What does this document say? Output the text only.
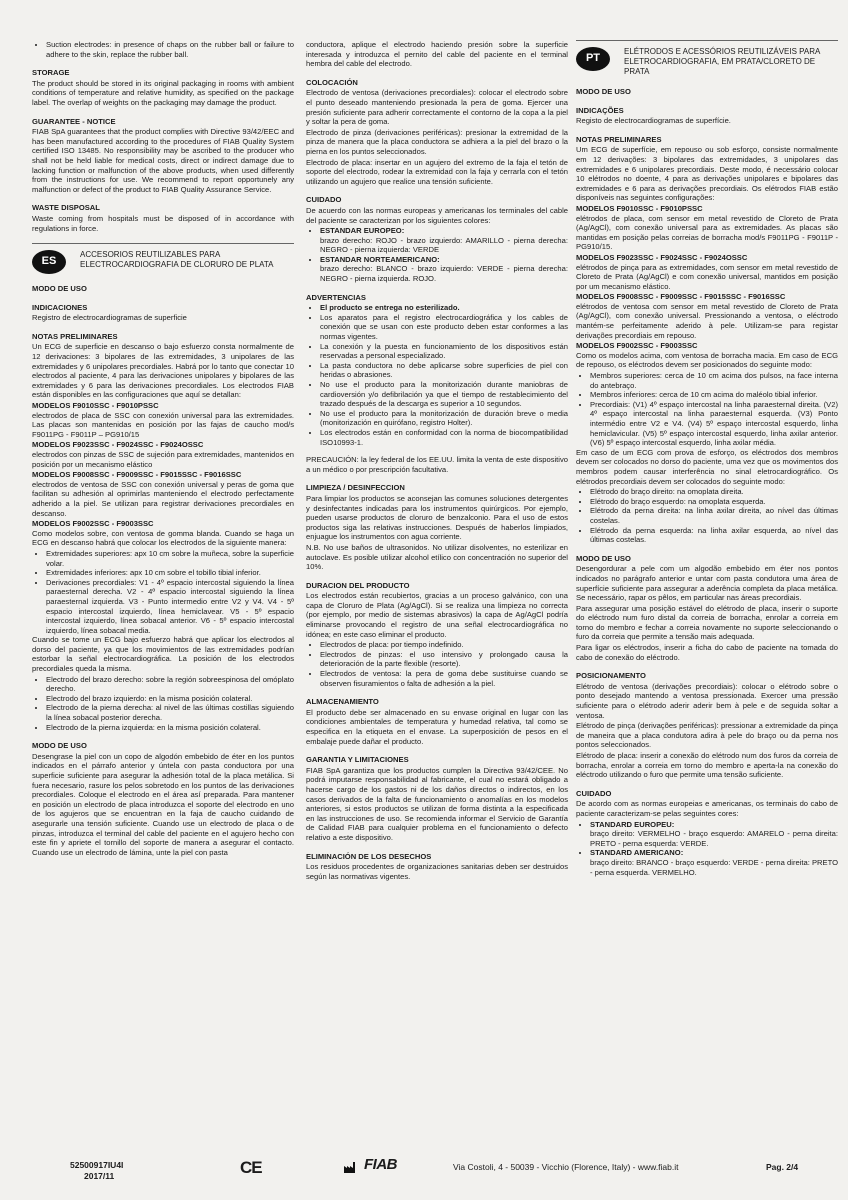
• Suction electrodes: in presence of chaps on the rubber ball or failure to adhere to the skin, replace the rubber ball.
STORAGE

The product should be stored in its original packaging in rooms with ambient conditions of temperature and relative humidity, as specified on the package label. The overlap of weights on the packaging may damage the product.

GUARANTEE - NOTICE

FIAB SpA guarantees that the product complies with Directive 93/42/EEC and has been manufactured according to the procedures of FIAB Quality System certified ISO 13485. No responsibility may be ascribed to the producer who shall not be held liable for medical costs, direct or indirect damage due to lacking function or malfunction of the above products, when used differently from the instructions for use. We recommend to report opportunely any malfunction or defect of the product to FIAB Quality Assurance Service.

WASTE DISPOSAL

Waste coming from hospitals must be disposed of in accordance with regulations in force.

ES
ACCESORIOS REUTILIZABLES PARA ELECTROCARDIOGRAFIA DE CLORURO DE PLATA
MODO DE USO
INDICACIONES

Registro de electrocardiogramas de superficie

NOTAS PRELIMINARES

Un ECG de superficie en descanso o bajo esfuerzo consta normalmente de 12 derivaciones: 3 bipolares de las extremidades, 3 unipolares de las extremidades y 6 unipolares precordiales. Habrá por lo tanto que conectar 10 electrodos al paciente, 4 para las derivaciones unipolares y bipolares de las extremidades y 6 para las derivaciones precordiales. Los electrodos FIAB están disponibles en las configuraciones que aquí se detallan:

MODELOS F9010SSC - F9010PSSC

electrodos de placa de SSC con conexión universal para las extremidades. Las placas son mantenidas en posición por las fajas de caucho mod/s F9011PG - F9011P – PG910/15

MODELOS F9023SSC - F9024SSC - F9024OSSC

electrodos con pinzas de SSC de sujeción para extremidades, mantenidos en posición por un mecanismo elástico

MODELOS F9008SSC - F9009SSC - F9015SSC - F9016SSC

electrodos de ventosa de SSC con conexión universal y peras de goma que facilitan su adhesión al oprimirlas manteniendo el electrodo perfectamente adherido a la piel. Se utilizan para registrar derivaciones precordiales en descanso.

MODELOS F9002SSC - F9003SSC

Como modelos sobre, con ventosa de gomma blanda. Cuando se haga un ECG en descanso habrá que colocar los electrodos de la siguiente manera:

• Extremidades superiores: apx 10 cm sobre la muñeca, sobre la superficie volar.
• Extremidades inferiores: apx 10 cm sobre el tobillo tibial inferior.
• Derivaciones precordiales: V1 - 4º espacio intercostal siguiendo la línea paraesternal derecha. V2 - 4º espacio intercostal siguiendo la línea paraesternal izquierda. V3 - Punto intermedio entre V2 y V4. V4 - 5º espacio intercostal izquierdo, línea hemiclavear. V5 - 5º espacio intercostal izquierdo, línea sobacal anterior. V6 - 5º espacio intercostal izquierdo, línea sobacal media.

Cuando se tome un ECG bajo esfuerzo habrá que aplicar los electrodos al dorso del paciente, ya que los movimientos de las extremidades podrían estorbar la señal electrocardiográfica. La posición de los electrodos precordiales queda la misma.

• Electrodo del brazo derecho: sobre la región sobreespinosa del omóplato derecho.
• Electrodo del brazo izquierdo: en la misma posición colateral.
• Electrodo de la pierna derecha: al nivel de las últimas costillas siguiendo la línea sobacal posterior derecha.
• Electrodo de la pierna izquierda: en la misma posición colateral.
MODO DE USO

Desengrase la piel con un copo de algodón embebido de éter en los puntos indicados en el párrafo anterior y úntela con pasta conductora por una superficie suficiente para asegurar la adhesión total de la placa metálica. Si fuera necesario, rasure los pelos sobretodo en los puntos de las derivaciones precordiales. Coloque el electrodo en el área así preparada. Para mantener en posición un electrodo de placa introduzca el soporte del electrodo en uno de los agujeros que se encuentran en la faja de caucho cuidando de asegurarle una tensión suficiente. Cuando use un electrodo de placa o de pinzas, introduzca el terminal del cable del paciente en el agujero hecho con este fin y apriete el tornillo del soporte de manera a asegurar el contacto. Cuando use un electrodo de lámina, unte la piel con pasta

conductora, aplique el electrodo haciendo presión sobre la superficie interesada y introduzca el pernito del cable del paciente en el terminal hembra del cable del electrodo.

COLOCACIÓN

Electrodo de ventosa (derivaciones precordiales): colocar el electrodo sobre el punto deseado manteniendo presionada la pera de goma. Ejercer una presión suficiente para adherir correctamente el contorno de la copa a la piel y soltar la pera de goma.

Electrodo de pinza (derivaciones periféricas): presionar la extremidad de la pinza de manera que la placa conductora se adhiera a la piel del brazo o la pierna en los puntos seleccionados.

Electrodo de placa: insertar en un agujero del extremo de la faja el tetón de soporte del electrodo, rodear la extremidad con la faja y cerrarla con el tetón utilizando un agujero que realice una tensión suficiente.

CUIDADO

De acuerdo con las normas europeas y americanas los terminales del cable del paciente se caracterizan por los siguientes colores:

• ESTANDAR EUROPEO:
brazo derecho: ROJO - brazo izquierdo: AMARILLO - pierna derecha: NEGRO - pierna izquierda: VERDE
• ESTANDAR NORTEAMERICANO:
brazo derecho: BLANCO - brazo izquierdo: VERDE - pierna derecha: NEGRO - pierna izquierda. ROJO.
ADVERTENCIAS
• El producto se entrega no esterilizado.
• Los aparatos para el registro electrocardiográfica y los cables de conexión que se usan con este producto deben estar conformes a las normas vigentes.
• La conexión y la puesta en funcionamiento de los dispositivos están reservadas a personal especializado.
• La pasta conductora no debe aplicarse sobre superficies de piel con heridas o abrasiones.
• No use el producto para la monitorización durante maniobras de cardioversión y/o defibrilación ya que el tiempo de restablecimiento del trazado después de la descarga es superior a 10 segundos.
• No use el producto para la monitorización de duración breve o media (monitorización en quirófano, registro Holter).
• Los electrodos están en conformidad con la norma de biocompatibilidad ISO10993-1.

PRECAUCIÓN: la ley federal de los EE.UU. limita la venta de este dispositivo a un médico o por prescripción facultativa.

LIMPIEZA / DESINFECCION

Para limpiar los productos se aconsejan las comunes soluciones detergentes y desinfectantes indicadas para los instrumentos quirúrgicos. Por ejemplo, pueden usarse productos de cloruro de benzalconio. Para el uso de estos productos siga las relativas instrucciones. Después de haberlos limpiados, enjuague los instrumentos con agua corriente.

N.B. No use baños de ultrasonidos. No utilizar disolventes, no esterilizar en autoclave. Es posible utilizar alcohol etílico con concentración no superior del 10%.

DURACION DEL PRODUCTO

Los electrodos están recubiertos, gracias a un proceso galvánico, con una capa de Cloruro de Plata (Ag/AgCl). Si se realiza una limpieza no correcta (por ejemplo, por medio de sistemas abrasivos) la capa de Ag/AgCl podría eliminarse provocando el registro de una señal electrocardiográfica no idónea; en este caso eliminar el producto.

• Electrodos de placa: por tiempo indefinido.
• Electrodos de pinzas: el uso intensivo y prolongado causa la deterioración de la parte flexible (resorte).
• Electrodos de ventosa: la pera de goma debe sustituirse cuando se observen fisuramientos o falta de adhesión a la piel.
ALMACENAMIENTO

El producto debe ser almacenado en su envase original en lugar con las condiciones ambientales de temperatura y humedad relativa, tal como se especifica en la etiqueta en el envase. La superposición de pesos en el embalaje puede dañar el producto.

GARANTIA Y LIMITACIONES

FIAB SpA garantiza que los productos cumplen la Directiva 93/42/CEE. No podrá imputarse responsabilidad al fabricante, el cual no estará obligado a hacerse cargo de los gastos ni de los daños directos o indirectos, en los casos derivados de la falta de funcionamiento o anomalías en los modelos anteriores, si estos productos se utilizan de forma distinta a la especificada en las instrucciones de uso. Se recomienda informar el Servicio de Garantía de Calidad FIAB para cualquier problema en el funcionamiento o defecto relativo a este dispositivo.

ELIMINACIÓN DE LOS DESECHOS

Los residuos procedentes de organizaciones sanitarias deben ser destruidos según las normativas vigentes.

PT
ELÉTRODOS E ACESSÓRIOS REUTILIZÁVEIS PARA ELETROCARDIOGRAFIA, EM PRATA/CLORETO DE PRATA
MODO DE USO
INDICAÇÕES

Registo de electrocardiogramas de superfície.

NOTAS PRELIMINARES

Um ECG de superfície, em repouso ou sob esforço, consiste normalmente em 12 derivações: 3 bipolares das extremidades, 3 unipolares das extremidades e 6 unipolares precordiais. Deste modo, é necessário colocar 10 elétrodos no doente, 4 para as derivações unipolares e bipolares das extremidades e 6 para as derivações precordiais. Os elétrodos FIAB estão disponíveis nas seguintes configurações:

MODELOS F9010SSC - F9010PSSC

elétrodos de placa, com sensor em metal revestido de Cloreto de Prata (Ag/AgCl), com conexão universal para as extremidades. As placas são mantidas em posição pelas correias de borracha mod/s F9011PG - F9011P - PG910/15.

MODELOS F9023SSC - F9024SSC - F9024OSSC

elétrodos de pinça para as extremidades, com sensor em metal revestido de Cloreto de Prata (Ag/AgCl) e com conexão universal, mantidos em posição por um mecanismo elástico.

MODELOS F9008SSC - F9009SSC - F9015SSC - F9016SSC

elétrodos de ventosa com sensor em metal revestido de Cloreto de Prata (Ag/AgCl), com conexão universal. Pressionando a ventosa, o eléctrodo mantém-se perfeitamente aderido à pele. Utilizam-se para registar derivações precordiais em repouso.

MODELOS F9002SSC - F9003SSC

Como os modelos acima, com ventosa de borracha macia. Em caso de ECG de repouso, os eléctrodos devem ser posicionados do seguinte modo:

• Membros superiores: cerca de 10 cm acima dos pulsos, na face interna do antebraço.
• Membros inferiores: cerca de 10 cm acima do maléolo tibial inferior.
• Precordiais: (V1) 4º espaço intercostal na linha paraesternal direita. (V2) 4º espaço intercostal na linha paraesternal esquerda. (V3) Ponto intermédio entre V2 e V4. (V4) 5º espaço intercostal esquerdo, linha hemiclavicular. (V5) 5º espaço intercostal esquerdo, linha axilar anterior. (V6) 5º espaço intercostal esquerdo, linha axilar média.

Em caso de um ECG com prova de esforço, os eléctrodos dos membros devem ser colocados no dorso do paciente, uma vez que os movimentos dos membros podem causar interferência no sinal eletrocardiográfico. Os elétrodos precordiais devem ser colocados do seguinte modo:

• Elétrodo do braço direito: na omoplata direita.
• Elétrodo do braço esquerdo: na omoplata esquerda.
• Elétrodo da perna direita: na linha axilar direita, ao nível das últimas costelas.
• Elétrodo da perna esquerda: na linha axilar esquerda, ao nível das últimas costelas.
MODO DE USO

Desengordurar a pele com um algodão embebido em éter nos pontos indicados no parágrafo anterior e untar com pasta condutora uma área de superfície suficiente para assegurar a aderência completa da placa metálica. Se necessário, rapar os pêlos, em particular nas áreas precordiais.

Para assegurar uma posição estável do elétrodo de placa, inserir o suporte do eléctrodo num furo distal da correia de borracha, enrolar a correia em torno do membro e fechar a correia novamente no suporte seleccionando o furo da correia que permite a tensão mais adequada.

Para ligar os eléctrodos, inserir a ficha do cabo de paciente na tomada do cabo de conexão do eléctrodo.

POSICIONAMENTO

Elétrodo de ventosa (derivações precordiais): colocar o elétrodo sobre o ponto desejado mantendo a ventosa pressionada. Exercer uma pressão suficiente para o elétrodo aderir aderir bem à pele e de seguida soltar a ventosa.

Elétrodo de pinça (derivações periféricas): pressionar a extremidade da pinça de maneira que a placa condutora adira à pele do braço ou da perna nos pontos seleccionados.

Elétrodo de placa: inserir a conexão do elétrodo num dos furos da correia de borracha, enrolar a correia em torno do membro e aperta-la na conexão do eléctrodo utilizando o furo que permite uma tensão suficiente.

CUIDADO

De acordo com as normas europeias e americanas, os terminais do cabo de paciente caracterizam-se pelas seguintes cores:

• STANDARD EUROPEU:
braço direito: VERMELHO - braço esquerdo: AMARELO - perna direita: PRETO - perna esquerda: VERDE.
• STANDARD AMERICANO:
braço direito: BRANCO - braço esquerdo: VERDE - perna direita: PRETO - perna esquerda. VERMELHO.
52500917IU4I
2017/11	CE	FIAB	Via Costoli, 4 - 50039 - Vicchio (Florence, Italy) - www.fiab.it	Pag. 2/4
